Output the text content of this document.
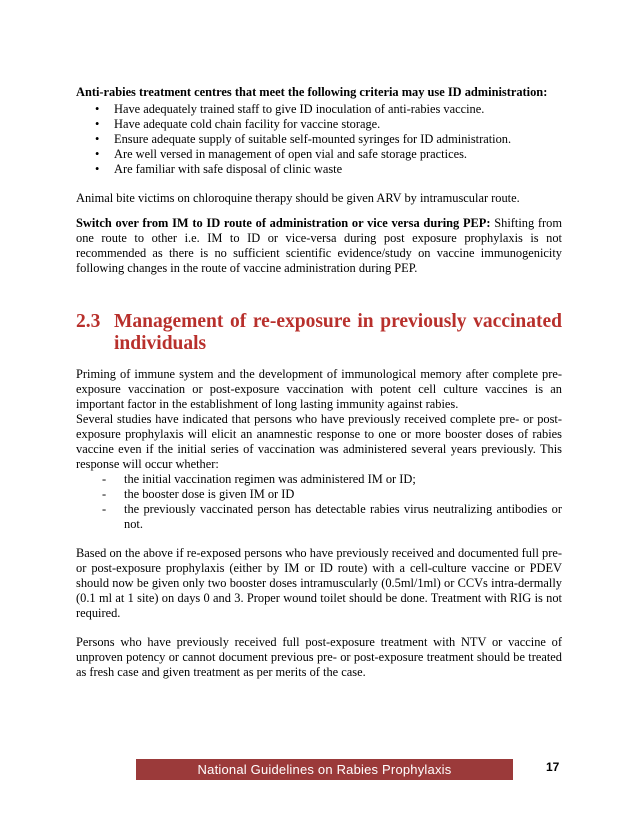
Anti-rabies treatment centres that meet the following criteria may use ID administration:

• Have adequately trained staff to give ID inoculation of anti-rabies vaccine.
• Have adequate cold chain facility for vaccine storage.
• Ensure adequate supply of suitable self-mounted syringes for ID administration.
• Are well versed in management of open vial and safe storage practices.
• Are familiar with safe disposal of clinic waste

Animal bite victims on chloroquine therapy should be given ARV by intramuscular route.

Switch over from IM to ID route of administration or vice versa during PEP: Shifting from one route to other i.e. IM to ID or vice-versa during post exposure prophylaxis is not recommended as there is no sufficient scientific evidence/study on vaccine immunogenicity following changes in the route of vaccine administration during PEP.

2.3 Management of re-exposure in previously vaccinated individuals

Priming of immune system and the development of immunological memory after complete pre-exposure vaccination or post-exposure vaccination with potent cell culture vaccines is an important factor in the establishment of long lasting immunity against rabies.

Several studies have indicated that persons who have previously received complete pre- or post-exposure prophylaxis will elicit an anamnestic response to one or more booster doses of rabies vaccine even if the initial series of vaccination was administered several years previously. This response will occur whether:

- the initial vaccination regimen was administered IM or ID;
- the booster dose is given IM or ID
- the previously vaccinated person has detectable rabies virus neutralizing antibodies or not.

Based on the above if re-exposed persons who have previously received and documented full pre- or post-exposure prophylaxis (either by IM or ID route) with a cell-culture vaccine or PDEV should now be given only two booster doses intramuscularly (0.5ml/1ml) or CCVs intra-dermally (0.1 ml at 1 site) on days 0 and 3. Proper wound toilet should be done. Treatment with RIG is not required.

Persons who have previously received full post-exposure treatment with NTV or vaccine of unproven potency or cannot document previous pre- or post-exposure treatment should be treated as fresh case and given treatment as per merits of the case.

National Guidelines on Rabies Prophylaxis	17
